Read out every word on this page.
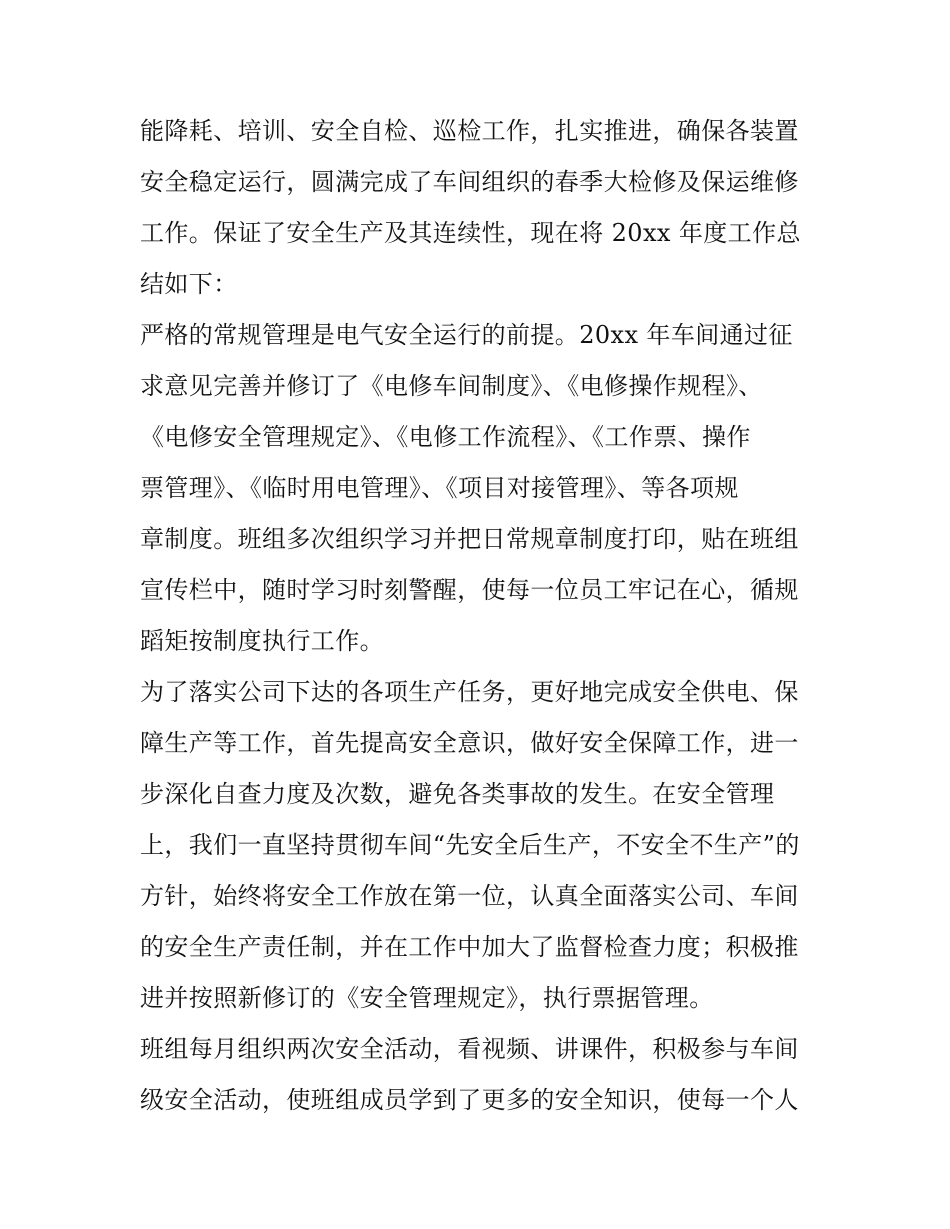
能降耗、培训、安全自检、巡检工作，扎实推进，确保各装置
安全稳定运行，圆满完成了车间组织的春季大检修及保运维修
工作。保证了安全生产及其连续性，现在将 20xx 年度工作总
结如下：
严格的常规管理是电气安全运行的前提。20xx 年车间通过征
求意见完善并修订了《电修车间制度》、《电修操作规程》、
《电修安全管理规定》、《电修工作流程》、《工作票、操作
票管理》、《临时用电管理》、《项目对接管理》、等各项规
章制度。班组多次组织学习并把日常规章制度打印，贴在班组
宣传栏中，随时学习时刻警醒，使每一位员工牢记在心，循规
蹈矩按制度执行工作。
为了落实公司下达的各项生产任务，更好地完成安全供电、保
障生产等工作，首先提高安全意识，做好安全保障工作，进一
步深化自查力度及次数，避免各类事故的发生。在安全管理
上，我们一直坚持贯彻车间“先安全后生产，不安全不生产”的
方针，始终将安全工作放在第一位，认真全面落实公司、车间
的安全生产责任制，并在工作中加大了监督检查力度；积极推
进并按照新修订的《安全管理规定》，执行票据管理。
班组每月组织两次安全活动，看视频、讲课件，积极参与车间
级安全活动，使班组成员学到了更多的安全知识，使每一个人
